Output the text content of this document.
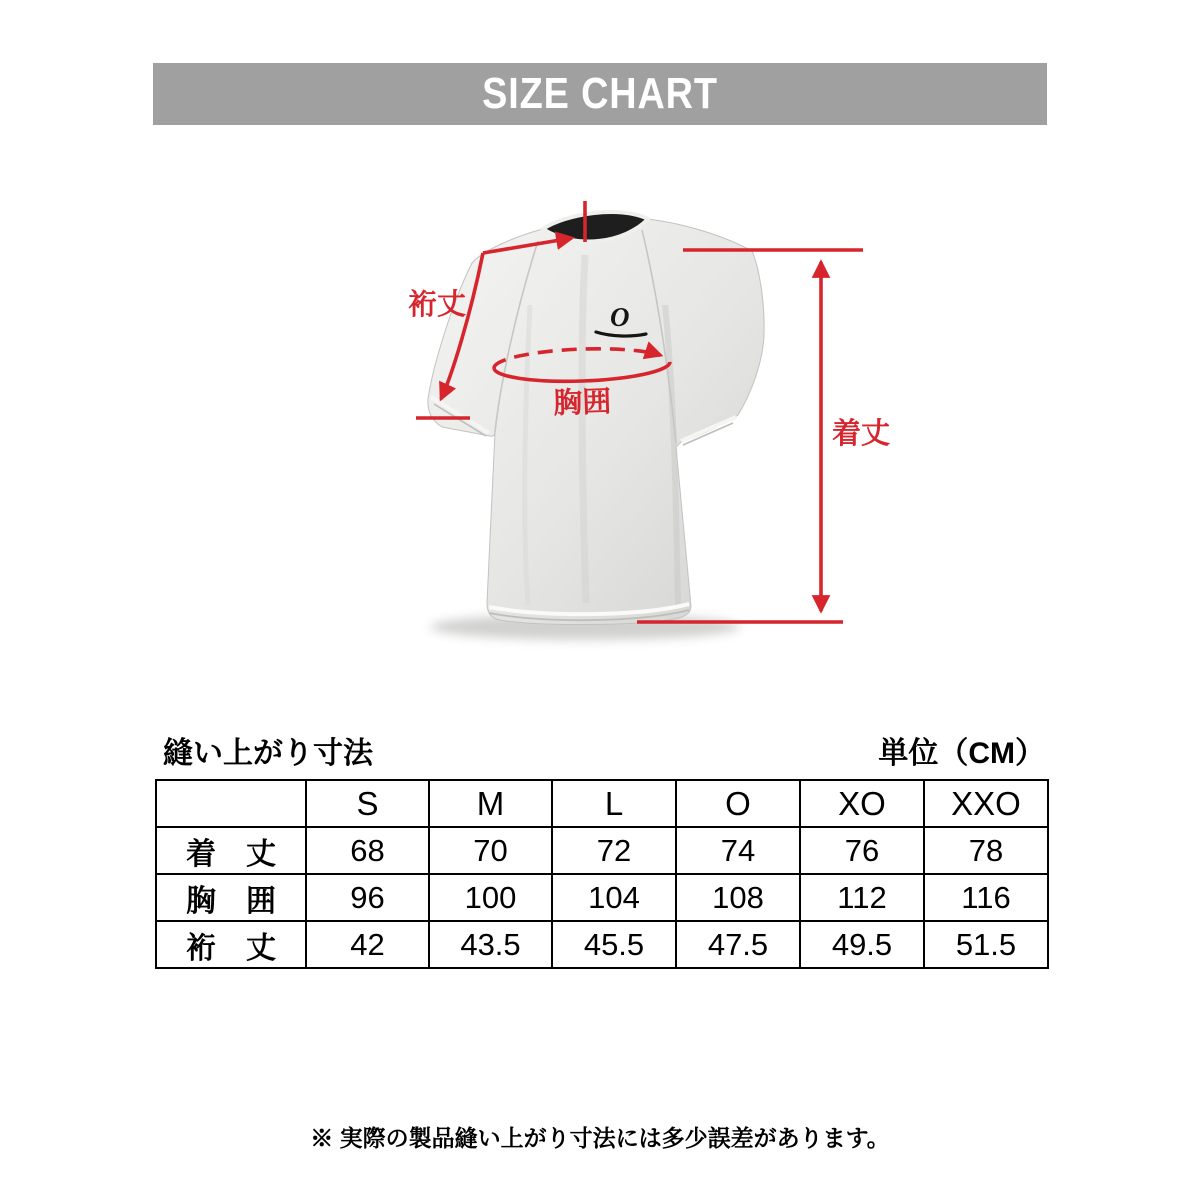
SIZE CHART
O
裄丈
胸囲
着丈
縫い上がり寸法	単位（CM）
	S	M	L	O	XO	XXO
着　丈	68	70	72	74	76	78
胸　囲	96	100	104	108	112	116
裄　丈	42	43.5	45.5	47.5	49.5	51.5
※ 実際の製品縫い上がり寸法には多少誤差があります。
